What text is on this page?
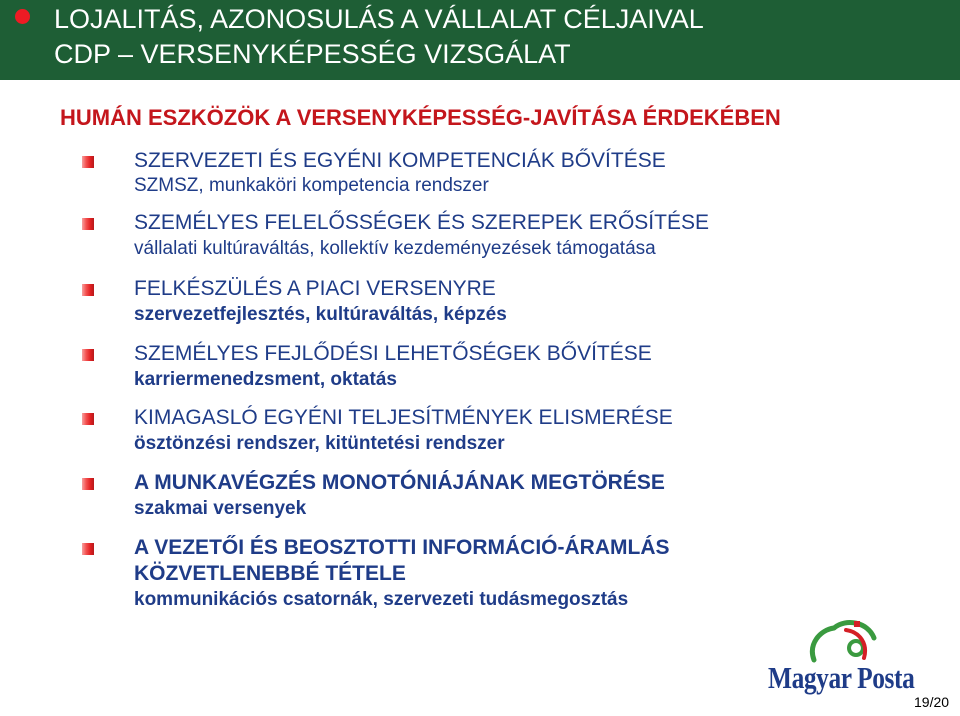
LOJALITÁS, AZONOSULÁS A VÁLLALAT CÉLJAIVAL
CDP – VERSENYKÉPESSÉG VIZSGÁLAT
HUMÁN ESZKÖZÖK A VERSENYKÉPESSÉG-JAVÍTÁSA ÉRDEKÉBEN
SZERVEZETI ÉS EGYÉNI KOMPETENCIÁK BŐVÍTÉSE
SZMSZ, munkaköri kompetencia rendszer
SZEMÉLYES FELELŐSSÉGEK ÉS SZEREPEK ERŐSÍTÉSE
vállalati kultúraváltás, kollektív kezdeményezések támogatása
FELKÉSZÜLÉS A PIACI VERSENYRE
szervezetfejlesztés, kultúraváltás, képzés
SZEMÉLYES FEJLŐDÉSI LEHETŐSÉGEK BŐVÍTÉSE
karriermenedzsment, oktatás
KIMAGASLÓ EGYÉNI TELJESÍTMÉNYEK ELISMERÉSE
ösztönzési rendszer, kitüntetési rendszer
A MUNKAVÉGZÉS MONOTÓNIÁJÁNAK MEGTÖRÉSE
szakmai versenyek
A VEZETŐI ÉS BEOSZTOTTI INFORMÁCIÓ-ÁRAMLÁS
KÖZVETLENEBBÉ TÉTELE
kommunikációs csatornák, szervezeti tudásmegosztás
Magyar Posta
19/20
